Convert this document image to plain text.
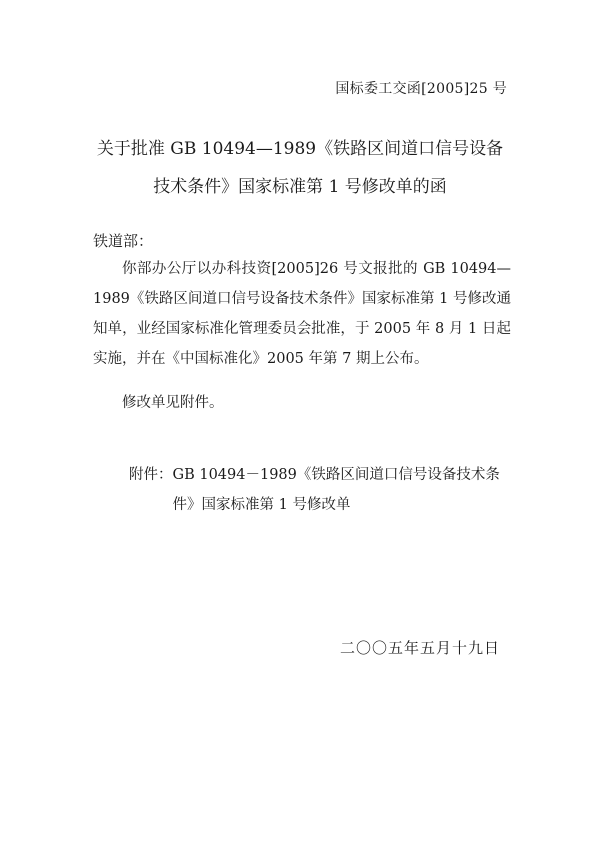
国标委工交函[2005]25 号
关于批准 GB 10494—1989《铁路区间道口信号设备
技术条件》国家标准第 1 号修改单的函
铁道部：

你部办公厅以办科技资[2005]26 号文报批的 GB 10494—1989《铁路区间道口信号设备技术条件》国家标准第 1 号修改通知单，业经国家标准化管理委员会批准，于 2005 年 8 月 1 日起实施，并在《中国标准化》2005 年第 7 期上公布。

修改单见附件。

附件： GB 10494－1989《铁路区间道口信号设备技术条件》国家标准第 1 号修改单
二〇〇五年五月十九日
